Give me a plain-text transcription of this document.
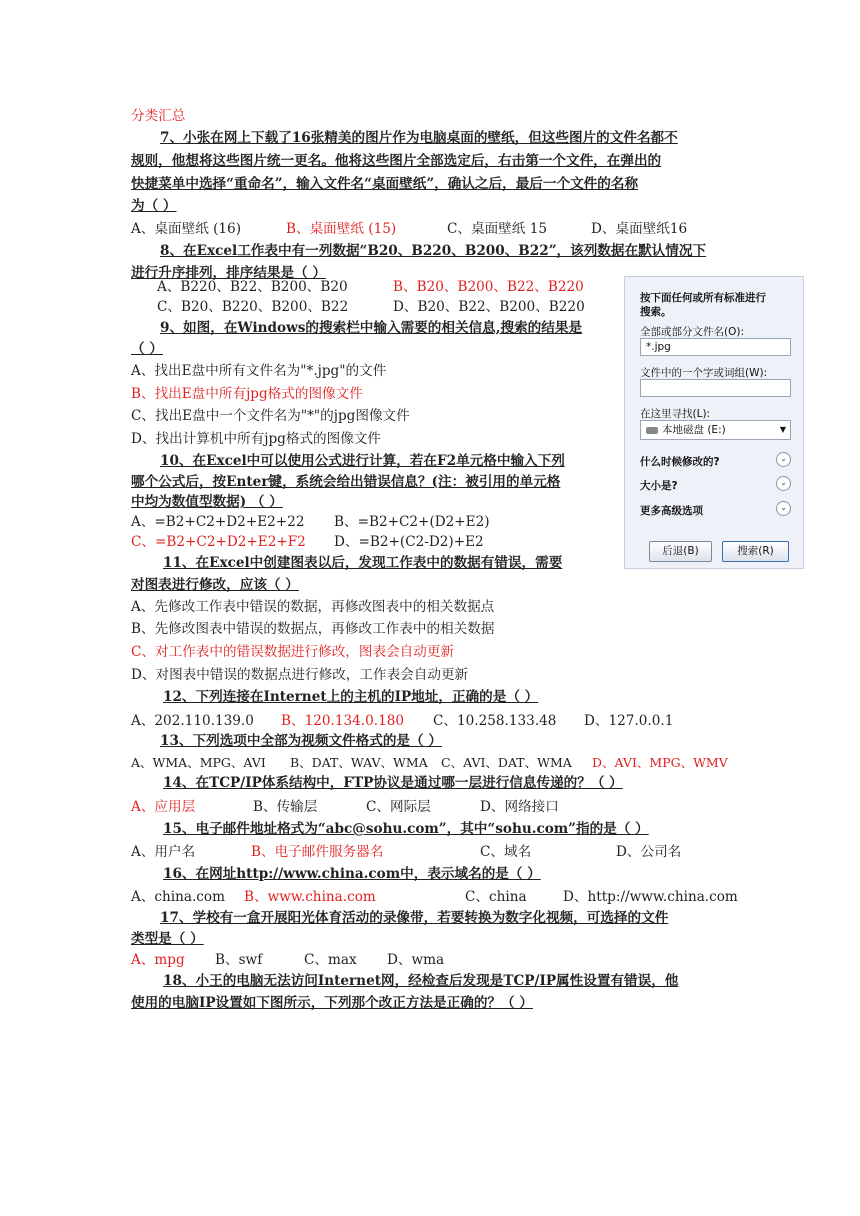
分类汇总
7、小张在网上下载了16张精美的图片作为电脑桌面的壁纸，但这些图片的文件名都不
规则，他想将这些图片统一更名。他将这些图片全部选定后，右击第一个文件，在弹出的
快捷菜单中选择“重命名”，输入文件名“桌面壁纸”，确认之后，最后一个文件的名称
为（ ）
A、桌面壁纸 (16)	B、桌面壁纸 (15)	C、桌面壁纸 15	D、桌面壁纸16
8、在Excel工作表中有一列数据“B20、B220、B200、B22”，该列数据在默认情况下
进行升序排列，排序结果是（ ）
A、B220、B22、B200、B20	B、B20、B200、B22、B220
C、B20、B220、B200、B22	D、B20、B22、B200、B220
9、如图，在Windows的搜索栏中输入需要的相关信息,搜索的结果是
（ ）
A、找出E盘中所有文件名为"*.jpg"的文件
B、找出E盘中所有jpg格式的图像文件
C、找出E盘中一个文件名为"*"的jpg图像文件
D、找出计算机中所有jpg格式的图像文件
10、在Excel中可以使用公式进行计算，若在F2单元格中输入下列
哪个公式后，按Enter键，系统会给出错误信息？(注：被引用的单元格
中均为数值型数据) （ ）
A、=B2+C2+D2+E2+22 B、=B2+C2+(D2+E2)
C、=B2+C2+D2+E2+F2 D、=B2+(C2-D2)+E2
11、在Excel中创建图表以后，发现工作表中的数据有错误，需要
对图表进行修改，应该（ ）
A、先修改工作表中错误的数据，再修改图表中的相关数据点
B、先修改图表中错误的数据点，再修改工作表中的相关数据
C、对工作表中的错误数据进行修改，图表会自动更新
D、对图表中错误的数据点进行修改，工作表会自动更新
12、下列连接在Internet上的主机的IP地址，正确的是（ ）
A、202.110.139.0 B、120.134.0.180 C、10.258.133.48 D、127.0.0.1
13、下列选项中全部为视频文件格式的是（ ）
A、WMA、MPG、AVI B、DAT、WAV、WMA C、AVI、DAT、WMA D、AVI、MPG、WMV
14、在TCP/IP体系结构中，FTP协议是通过哪一层进行信息传递的？（ ）
A、应用层	B、传输层	C、网际层	D、网络接口
15、电子邮件地址格式为“abc@sohu.com”，其中“sohu.com”指的是（ ）
A、用户名	B、电子邮件服务器名	C、域名	D、公司名
16、在网址http://www.china.com中，表示域名的是（ ）
A、china.com B、www.china.com	C、china	D、http://www.china.com
17、学校有一盒开展阳光体育活动的录像带，若要转换为数字化视频，可选择的文件
类型是（ ）
A、mpg B、swf	C、max D、wma
18、小王的电脑无法访问Internet网，经检查后发现是TCP/IP属性设置有错误，他
使用的电脑IP设置如下图所示，下列那个改正方法是正确的？（ ）
按下面任何或所有标准进行
搜索。
全部或部分文件名(O):
*.jpg
文件中的一个字或词组(W):
在这里寻找(L):
本地磁盘 (E:)	▼
什么时候修改的?	⌄
大小是?	⌄
更多高级选项	⌄
后退(B)	搜索(R)
